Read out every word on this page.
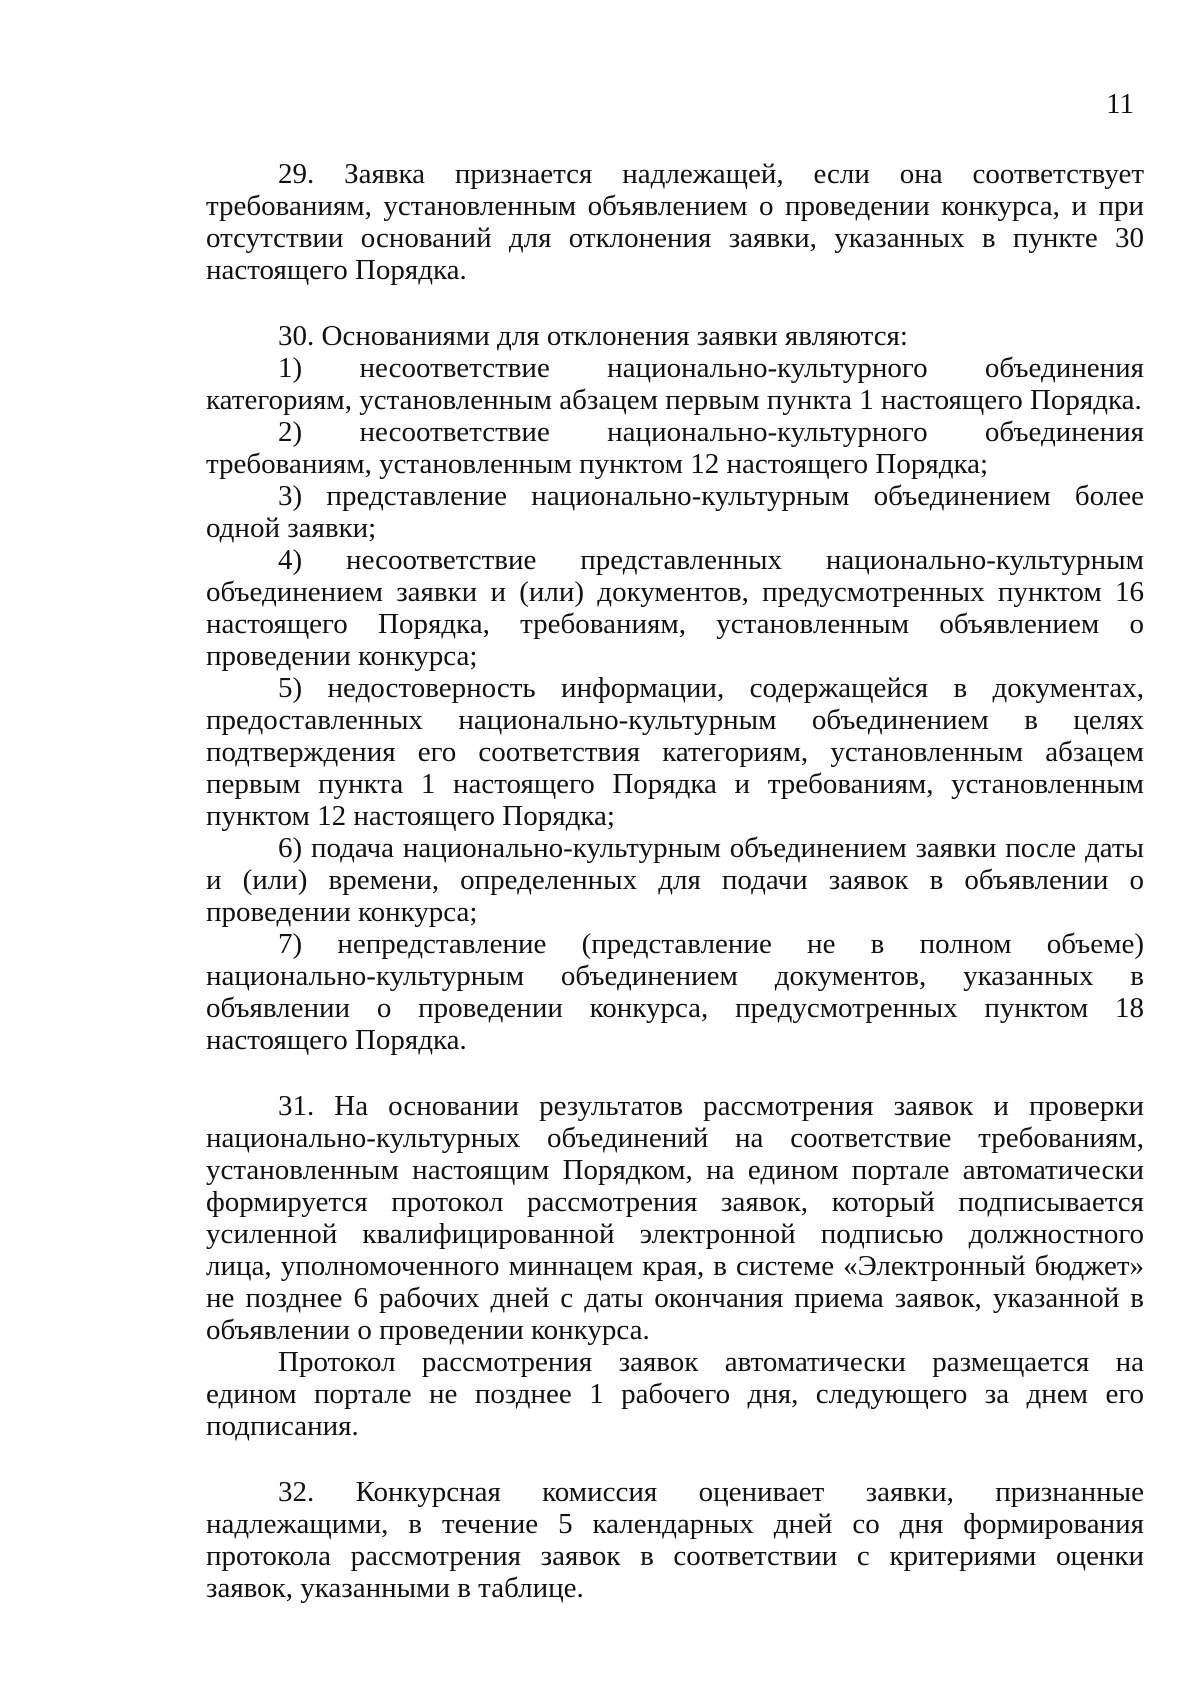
11

29. Заявка признается надлежащей, если она соответствует требованиям, установленным объявлением о проведении конкурса, и при отсутствии оснований для отклонения заявки, указанных в пункте 30 настоящего Порядка.

30. Основаниями для отклонения заявки являются:

1) несоответствие национально-культурного объединения категориям, установленным абзацем первым пункта 1 настоящего Порядка.

2) несоответствие национально-культурного объединения требованиям, установленным пунктом 12 настоящего Порядка;

3) представление национально-культурным объединением более одной заявки;

4) несоответствие представленных национально-культурным объединением заявки и (или) документов, предусмотренных пунктом 16 настоящего Порядка, требованиям, установленным объявлением о проведении конкурса;

5) недостоверность информации, содержащейся в документах, предоставленных национально-культурным объединением в целях подтверждения его соответствия категориям, установленным абзацем первым пункта 1 настоящего Порядка и требованиям, установленным пунктом 12 настоящего Порядка;

6) подача национально-культурным объединением заявки после даты и (или) времени, определенных для подачи заявок в объявлении о проведении конкурса;

7) непредставление (представление не в полном объеме) национально-культурным объединением документов, указанных в объявлении о проведении конкурса, предусмотренных пунктом 18 настоящего Порядка.

31. На основании результатов рассмотрения заявок и проверки национально-культурных объединений на соответствие требованиям, установленным настоящим Порядком, на едином портале автоматически формируется протокол рассмотрения заявок, который подписывается усиленной квалифицированной электронной подписью должностного лица, уполномоченного миннацем края, в системе «Электронный бюджет» не позднее 6 рабочих дней с даты окончания приема заявок, указанной в объявлении о проведении конкурса.

Протокол рассмотрения заявок автоматически размещается на едином портале не позднее 1 рабочего дня, следующего за днем его подписания.

32. Конкурсная комиссия оценивает заявки, признанные надлежащими, в течение 5 календарных дней со дня формирования протокола рассмотрения заявок в соответствии с критериями оценки заявок, указанными в таблице.
